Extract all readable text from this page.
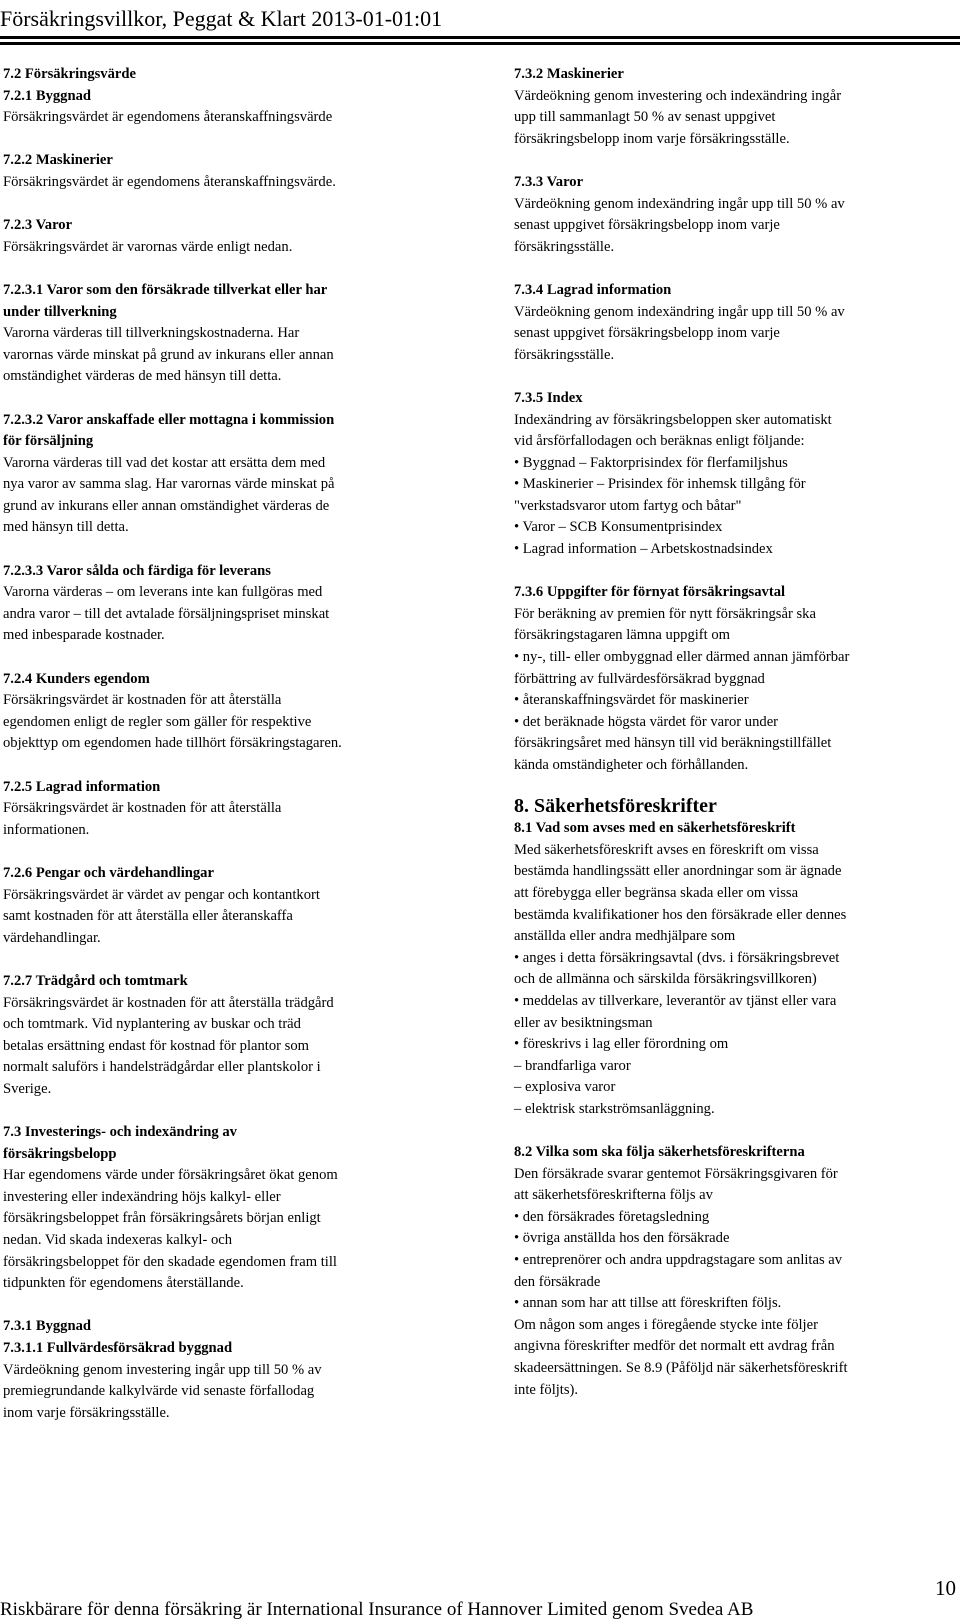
Försäkringsvillkor, Peggat & Klart 2013-01-01:01
7.2 Försäkringsvärde
7.2.1 Byggnad
Försäkringsvärdet är egendomens återanskaffningsvärde
7.2.2 Maskinerier
Försäkringsvärdet är egendomens återanskaffningsvärde.
7.2.3 Varor
Försäkringsvärdet är varornas värde enligt nedan.
7.2.3.1 Varor som den försäkrade tillverkat eller har
under tillverkning
Varorna värderas till tillverkningskostnaderna. Har
varornas värde minskat på grund av inkurans eller annan
omständighet värderas de med hänsyn till detta.
7.2.3.2 Varor anskaffade eller mottagna i kommission
för försäljning
Varorna värderas till vad det kostar att ersätta dem med
nya varor av samma slag. Har varornas värde minskat på
grund av inkurans eller annan omständighet värderas de
med hänsyn till detta.
7.2.3.3 Varor sålda och färdiga för leverans
Varorna värderas – om leverans inte kan fullgöras med
andra varor – till det avtalade försäljningspriset minskat
med inbesparade kostnader.
7.2.4 Kunders egendom
Försäkringsvärdet är kostnaden för att återställa
egendomen enligt de regler som gäller för respektive
objekttyp om egendomen hade tillhört försäkringstagaren.
7.2.5 Lagrad information
Försäkringsvärdet är kostnaden för att återställa
informationen.
7.2.6 Pengar och värdehandlingar
Försäkringsvärdet är värdet av pengar och kontantkort
samt kostnaden för att återställa eller återanskaffa
värdehandlingar.
7.2.7 Trädgård och tomtmark
Försäkringsvärdet är kostnaden för att återställa trädgård
och tomtmark. Vid nyplantering av buskar och träd
betalas ersättning endast för kostnad för plantor som
normalt saluförs i handelsträdgårdar eller plantskolor i
Sverige.
7.3 Investerings- och indexändring av
försäkringsbelopp
Har egendomens värde under försäkringsåret ökat genom
investering eller indexändring höjs kalkyl- eller
försäkringsbeloppet från försäkringsårets början enligt
nedan. Vid skada indexeras kalkyl- och
försäkringsbeloppet för den skadade egendomen fram till
tidpunkten för egendomens återställande.
7.3.1 Byggnad
7.3.1.1 Fullvärdesförsäkrad byggnad
Värdeökning genom investering ingår upp till 50 % av
premiegrundande kalkylvärde vid senaste förfallodag
inom varje försäkringsställe.
7.3.2 Maskinerier
Värdeökning genom investering och indexändring ingår
upp till sammanlagt 50 % av senast uppgivet
försäkringsbelopp inom varje försäkringsställe.
7.3.3 Varor
Värdeökning genom indexändring ingår upp till 50 % av
senast uppgivet försäkringsbelopp inom varje
försäkringsställe.
7.3.4 Lagrad information
Värdeökning genom indexändring ingår upp till 50 % av
senast uppgivet försäkringsbelopp inom varje
försäkringsställe.
7.3.5 Index
Indexändring av försäkringsbeloppen sker automatiskt
vid årsförfallodagen och beräknas enligt följande:
• Byggnad – Faktorprisindex för flerfamiljshus
• Maskinerier – Prisindex för inhemsk tillgång för
"verkstadsvaror utom fartyg och båtar"
• Varor – SCB Konsumentprisindex
• Lagrad information – Arbetskostnadsindex
7.3.6 Uppgifter för förnyat försäkringsavtal
För beräkning av premien för nytt försäkringsår ska
försäkringstagaren lämna uppgift om
• ny-, till- eller ombyggnad eller därmed annan jämförbar
förbättring av fullvärdesförsäkrad byggnad
• återanskaffningsvärdet för maskinerier
• det beräknade högsta värdet för varor under
försäkringsåret med hänsyn till vid beräkningstillfället
kända omständigheter och förhållanden.
8. Säkerhetsföreskrifter
8.1 Vad som avses med en säkerhetsföreskrift
Med säkerhetsföreskrift avses en föreskrift om vissa
bestämda handlingssätt eller anordningar som är ägnade
att förebygga eller begränsa skada eller om vissa
bestämda kvalifikationer hos den försäkrade eller dennes
anställda eller andra medhjälpare som
• anges i detta försäkringsavtal (dvs. i försäkringsbrevet
och de allmänna och särskilda försäkringsvillkoren)
• meddelas av tillverkare, leverantör av tjänst eller vara
eller av besiktningsman
• föreskrivs i lag eller förordning om
– brandfarliga varor
– explosiva varor
– elektrisk starkströmsanläggning.
8.2 Vilka som ska följa säkerhetsföreskrifterna
Den försäkrade svarar gentemot Försäkringsgivaren för
att säkerhetsföreskrifterna följs av
• den försäkrades företagsledning
• övriga anställda hos den försäkrade
• entreprenörer och andra uppdragstagare som anlitas av
den försäkrade
• annan som har att tillse att föreskriften följs.
Om någon som anges i föregående stycke inte följer
angivna föreskrifter medför det normalt ett avdrag från
skadeersättningen. Se 8.9 (Påföljd när säkerhetsföreskrift
inte följts).
10
Riskbärare för denna försäkring är International Insurance of Hannover Limited genom Svedea AB
